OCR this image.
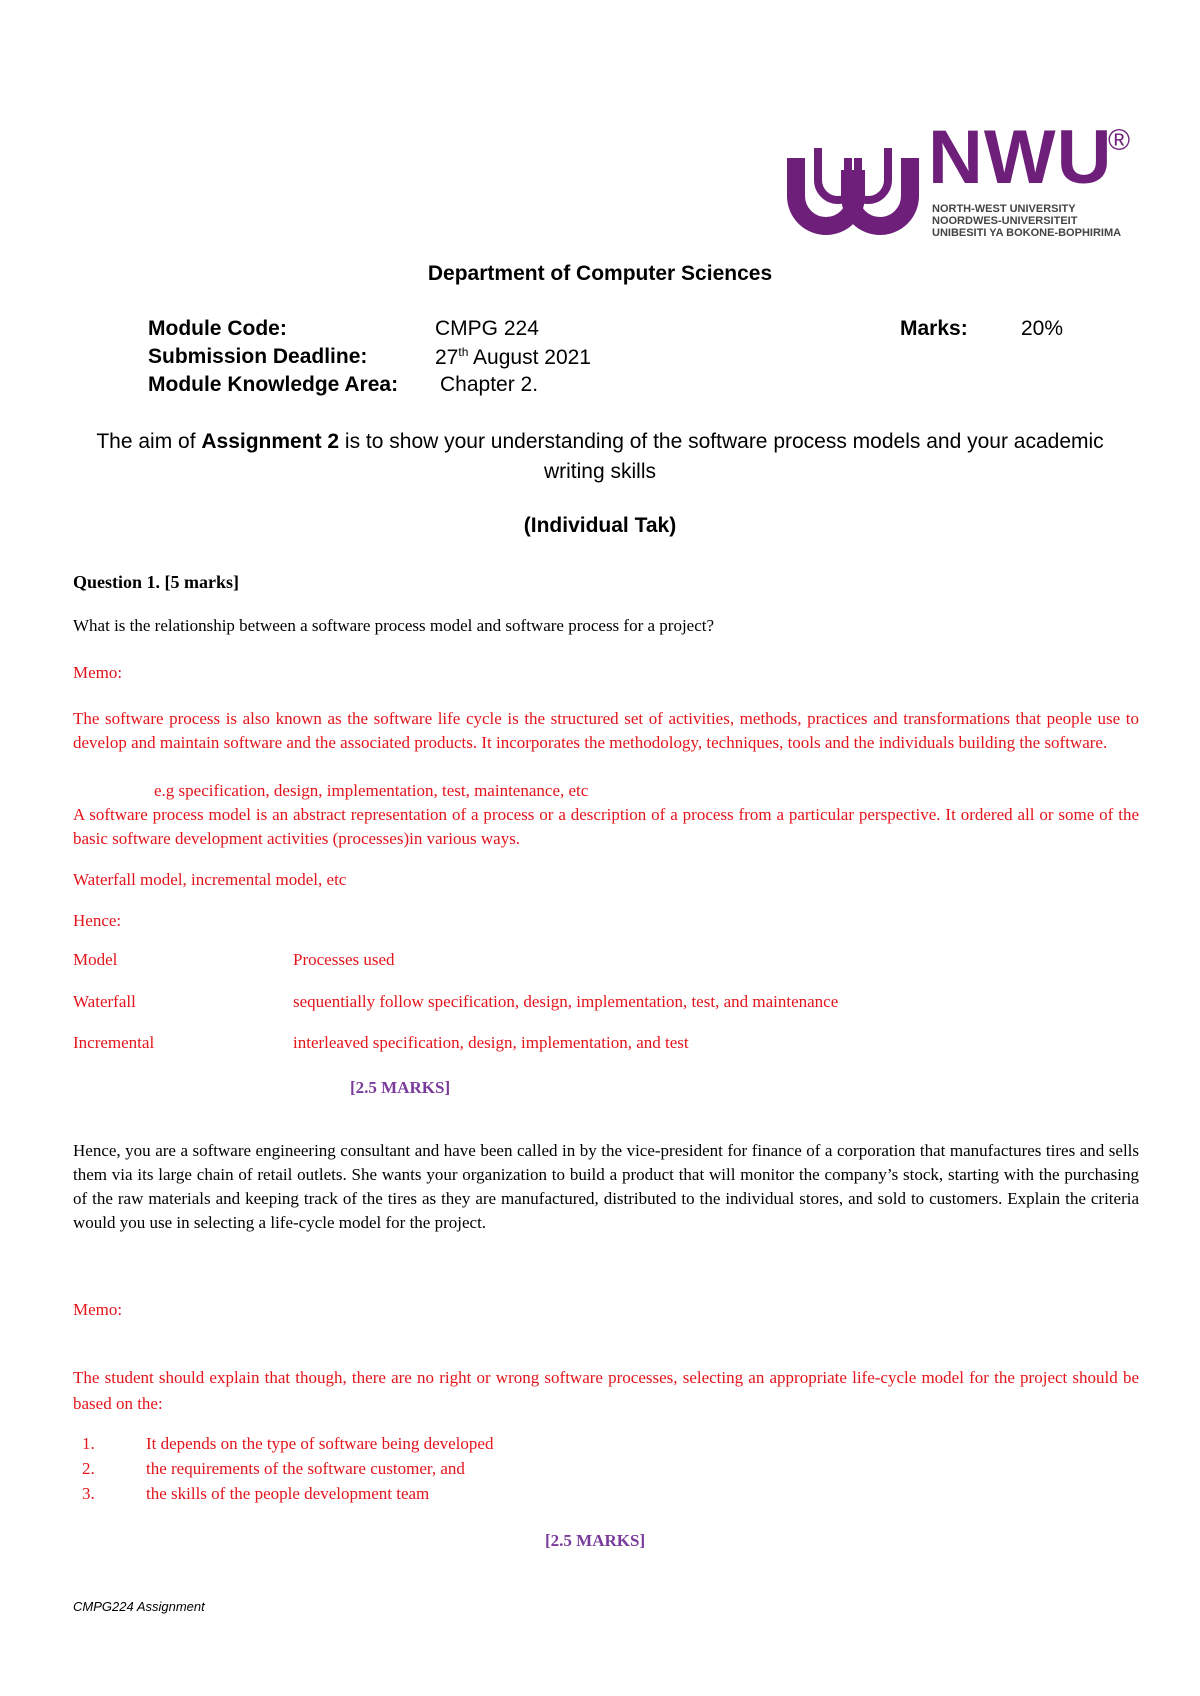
NWU
®
NORTH-WEST UNIVERSITY
NOORDWES-UNIVERSITEIT
UNIBESITI YA BOKONE-BOPHIRIMA
Department of Computer Sciences
Module Code:	CMPG 224	Marks:	20%
Submission Deadline:	27th August 2021
Module Knowledge Area: Chapter 2.
The aim of Assignment 2 is to show your understanding of the software process models and your academic writing skills
(Individual Tak)
Question 1. [5 marks]
What is the relationship between a software process model and software process for a project?
Memo:
The software process is also known as the software life cycle is the structured set of activities, methods, practices and transformations that people use to develop and maintain software and the associated products. It incorporates the methodology, techniques, tools and the individuals building the software.
e.g specification, design, implementation, test, maintenance, etc
A software process model is an abstract representation of a process or a description of a process from a particular perspective. It ordered all or some of the basic software development activities (processes)in various ways.
Waterfall model, incremental model, etc
Hence:
Model	Processes used
Waterfall	sequentially follow specification, design, implementation, test, and maintenance
Incremental	interleaved specification, design, implementation, and test
[2.5 MARKS]
Hence, you are a software engineering consultant and have been called in by the vice-president for finance of a corporation that manufactures tires and sells them via its large chain of retail outlets. She wants your organization to build a product that will monitor the company’s stock, starting with the purchasing of the raw materials and keeping track of the tires as they are manufactured, distributed to the individual stores, and sold to customers. Explain the criteria would you use in selecting a life-cycle model for the project.
Memo:
The student should explain that though, there are no right or wrong software processes, selecting an appropriate life-cycle model for the project should be based on the:
1.	It depends on the type of software being developed
2.	the requirements of the software customer, and
3.	the skills of the people development team
[2.5 MARKS]
CMPG224 Assignment
